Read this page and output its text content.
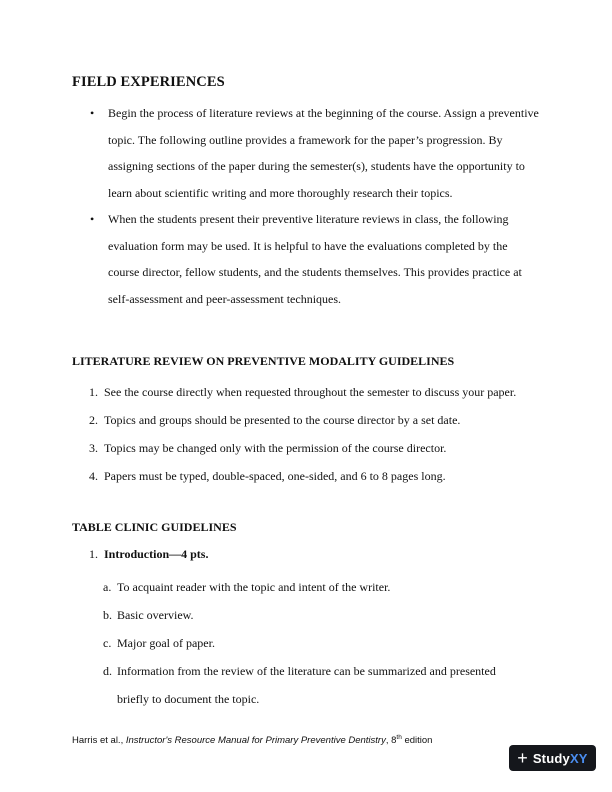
FIELD EXPERIENCES
• Begin the process of literature reviews at the beginning of the course. Assign a preventive
topic. The following outline provides a framework for the paper’s progression. By
assigning sections of the paper during the semester(s), students have the opportunity to
learn about scientific writing and more thoroughly research their topics.
• When the students present their preventive literature reviews in class, the following
evaluation form may be used. It is helpful to have the evaluations completed by the
course director, fellow students, and the students themselves. This provides practice at
self-assessment and peer-assessment techniques.
LITERATURE REVIEW ON PREVENTIVE MODALITY GUIDELINES
1. See the course directly when requested throughout the semester to discuss your paper.
2. Topics and groups should be presented to the course director by a set date.
3. Topics may be changed only with the permission of the course director.
4. Papers must be typed, double-spaced, one-sided, and 6 to 8 pages long.
TABLE CLINIC GUIDELINES
1. Introduction—4 pts.
a. To acquaint reader with the topic and intent of the writer.
b. Basic overview.
c. Major goal of paper.
d. Information from the review of the literature can be summarized and presented
briefly to document the topic.
Harris et al., Instructor's Resource Manual for Primary Preventive Dentistry, 8th edition
+ StudyXY
